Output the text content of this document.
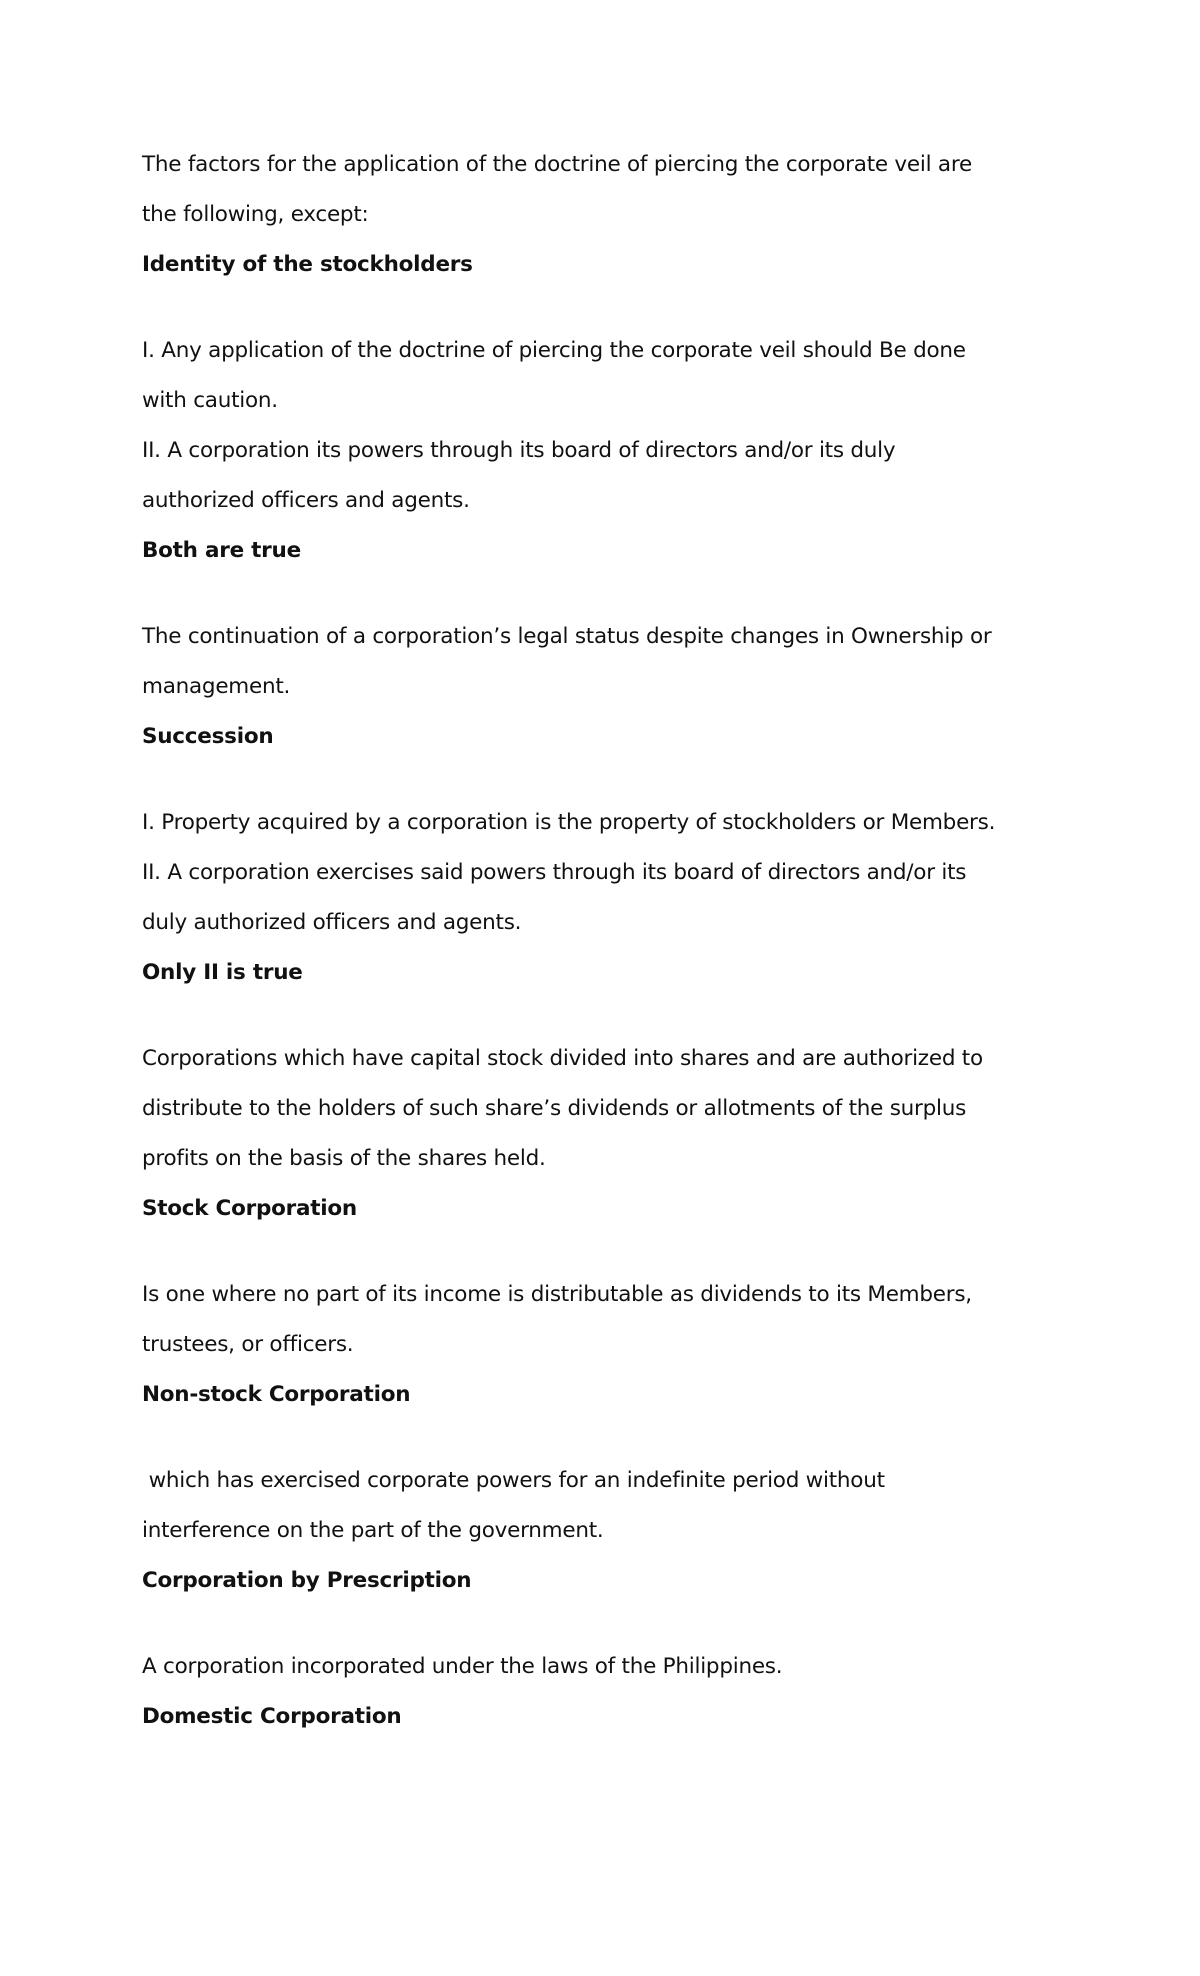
The factors for the application of the doctrine of piercing the corporate veil are
the following, except:
Identity of the stockholders
I. Any application of the doctrine of piercing the corporate veil should Be done
with caution.
II. A corporation its powers through its board of directors and/or its duly
authorized officers and agents.
Both are true
The continuation of a corporation’s legal status despite changes in Ownership or
management.
Succession
I. Property acquired by a corporation is the property of stockholders or Members.
II. A corporation exercises said powers through its board of directors and/or its
duly authorized officers and agents.
Only II is true
Corporations which have capital stock divided into shares and are authorized to
distribute to the holders of such share’s dividends or allotments of the surplus
profits on the basis of the shares held.
Stock Corporation
Is one where no part of its income is distributable as dividends to its Members,
trustees, or officers.
Non-stock Corporation
which has exercised corporate powers for an indefinite period without
interference on the part of the government.
Corporation by Prescription
A corporation incorporated under the laws of the Philippines.
Domestic Corporation
